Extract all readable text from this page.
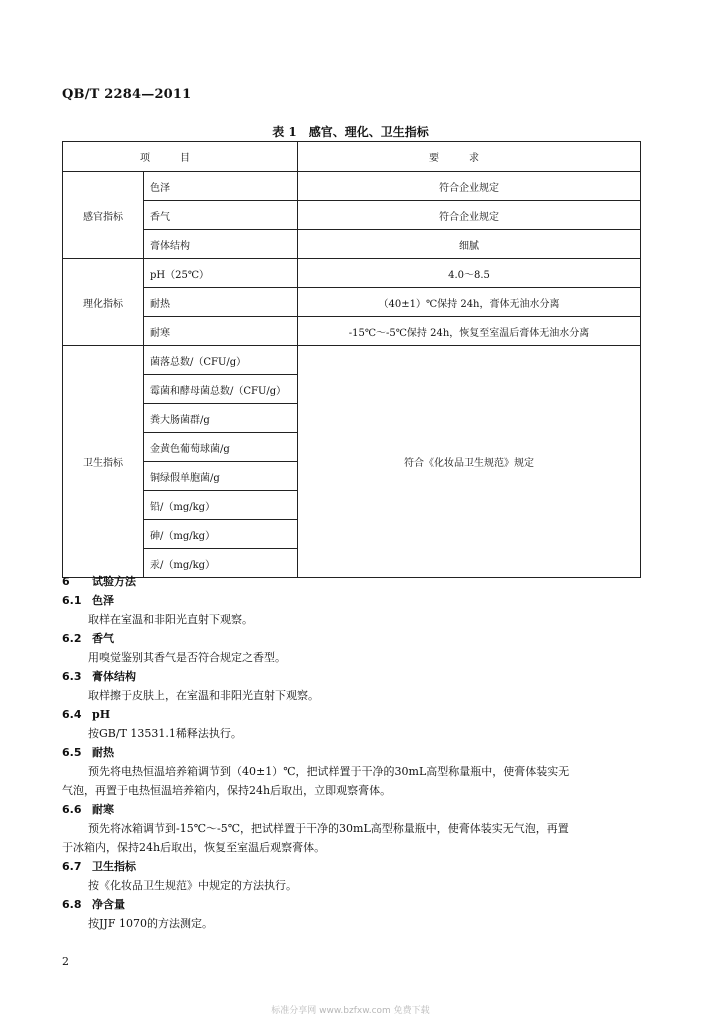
QB/T 2284—2011
表 1　感官、理化、卫生指标
项目		要求
感官指标	色泽	符合企业规定
	香气	符合企业规定
	膏体结构	细腻
理化指标	pH（25℃）	4.0～8.5
	耐热	（40±1）℃保持 24h，膏体无油水分离
	耐寒	-15℃～-5℃保持 24h，恢复至室温后膏体无油水分离
卫生指标	菌落总数/（CFU/g）	符合《化妆品卫生规范》规定
	霉菌和酵母菌总数/（CFU/g）	
	粪大肠菌群/g	
	金黄色葡萄球菌/g	
	铜绿假单胞菌/g	
	铅/（mg/kg）	
	砷/（mg/kg）	
	汞/（mg/kg）	
6 试验方法
6.1 色泽
取样在室温和非阳光直射下观察。
6.2 香气
用嗅觉鉴别其香气是否符合规定之香型。
6.3 膏体结构
取样擦于皮肤上，在室温和非阳光直射下观察。
6.4 pH
按GB/T 13531.1稀释法执行。
6.5 耐热
预先将电热恒温培养箱调节到（40±1）℃，把试样置于干净的30mL高型称量瓶中，使膏体装实无
气泡，再置于电热恒温培养箱内，保持24h后取出，立即观察膏体。
6.6 耐寒
预先将冰箱调节到-15℃～-5℃，把试样置于干净的30mL高型称量瓶中，使膏体装实无气泡，再置
于冰箱内，保持24h后取出，恢复至室温后观察膏体。
6.7 卫生指标
按《化妆品卫生规范》中规定的方法执行。
6.8 净含量
按JJF 1070的方法测定。
2
标准分享网 www.bzfxw.com 免费下载
